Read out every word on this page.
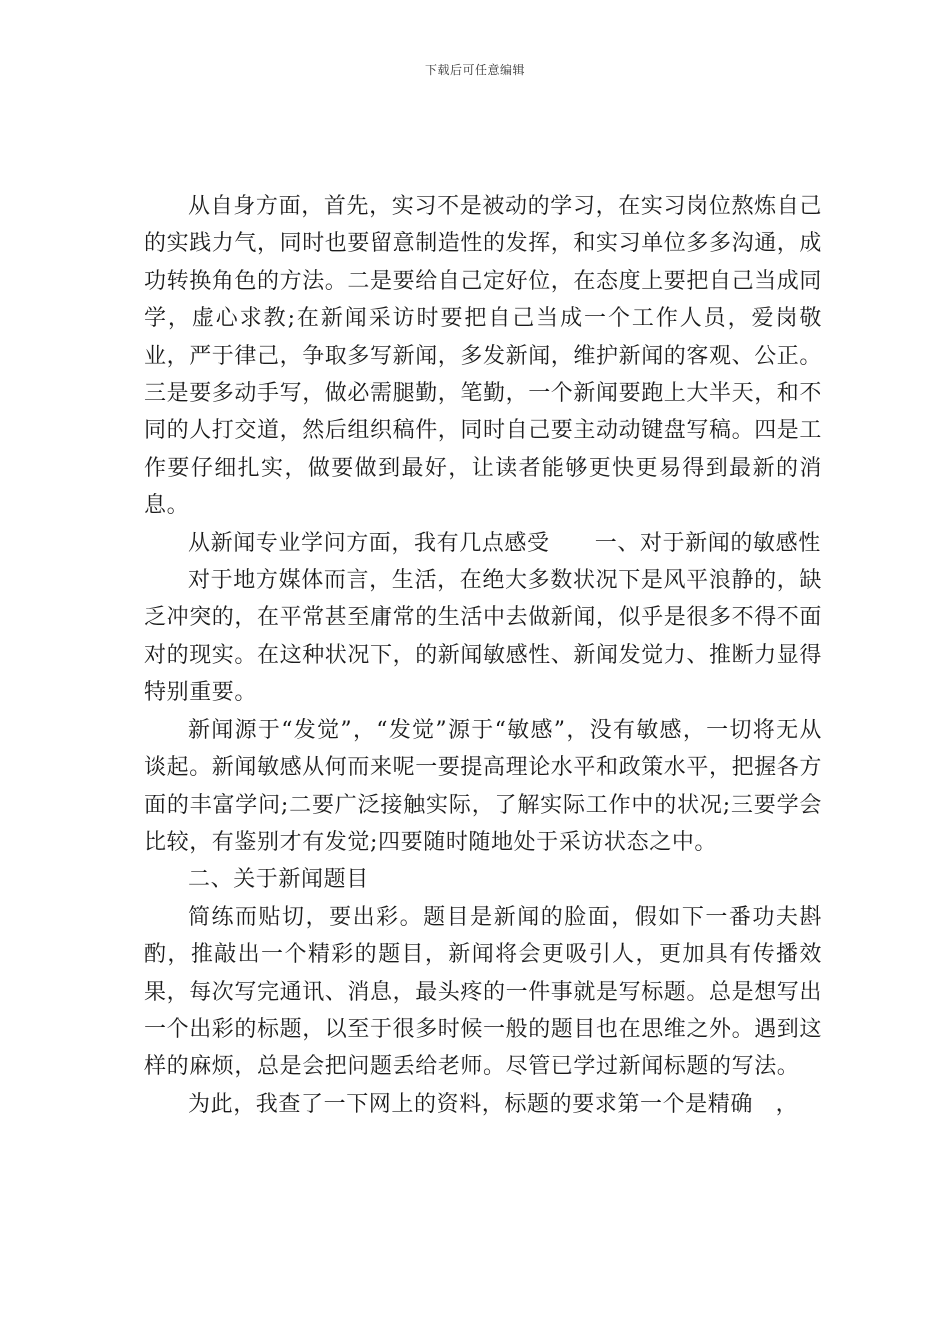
下载后可任意编辑

从自身方面，首先，实习不是被动的学习，在实习岗位熬炼自己的实践力气，同时也要留意制造性的发挥，和实习单位多多沟通，成功转换角色的方法。二是要给自己定好位，在态度上要把自己当成同学，虚心求教;在新闻采访时要把自己当成一个工作人员，爱岗敬业，严于律己，争取多写新闻，多发新闻，维护新闻的客观、公正。三是要多动手写，做必需腿勤，笔勤，一个新闻要跑上大半天，和不同的人打交道，然后组织稿件，同时自己要主动动键盘写稿。四是工作要仔细扎实，做要做到最好，让读者能够更快更易得到最新的消息。

从新闻专业学问方面，我有几点感受　　一、对于新闻的敏感性

对于地方媒体而言，生活，在绝大多数状况下是风平浪静的，缺乏冲突的，在平常甚至庸常的生活中去做新闻，似乎是很多不得不面对的现实。在这种状况下，的新闻敏感性、新闻发觉力、推断力显得特别重要。

新闻源于“发觉”，“发觉”源于“敏感”，没有敏感，一切将无从谈起。新闻敏感从何而来呢一要提高理论水平和政策水平，把握各方面的丰富学问;二要广泛接触实际，了解实际工作中的状况;三要学会比较，有鉴别才有发觉;四要随时随地处于采访状态之中。

二、关于新闻题目

简练而贴切，要出彩。题目是新闻的脸面，假如下一番功夫斟酌，推敲出一个精彩的题目，新闻将会更吸引人，更加具有传播效果，每次写完通讯、消息，最头疼的一件事就是写标题。总是想写出一个出彩的标题，以至于很多时候一般的题目也在思维之外。遇到这样的麻烦，总是会把问题丢给老师。尽管已学过新闻标题的写法。

为此，我查了一下网上的资料，标题的要求第一个是精确　，
